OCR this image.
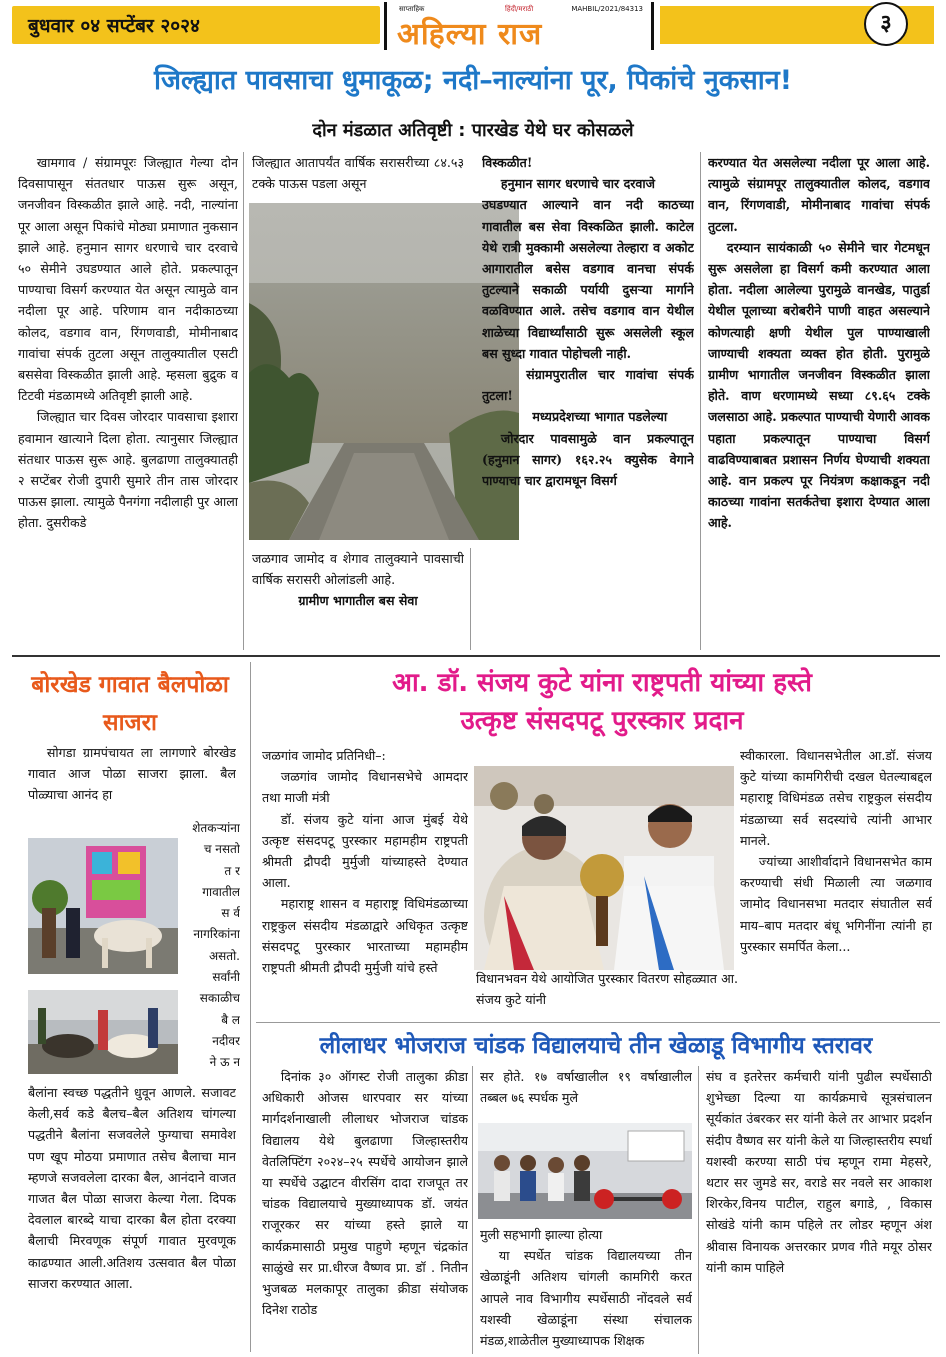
बुधवार ०४ सप्टेंबर २०२४
साप्ताहिक	हिंदी/मराठी	MAHBIL/2021/84313
अहिल्या राज	३
जिल्ह्यात पावसाचा धुमाकूळ; नदी–नाल्यांना पूर, पिकांचे नुकसान!
दोन मंडळात अतिवृष्टी : पारखेड येथे घर कोसळले

खामगाव / संग्रामपूरः जिल्ह्यात गेल्या दोन दिवसापासून संततधार पाऊस सुरू असून, जनजीवन विस्कळीत झाले आहे. नदी, नाल्यांना पूर आला असून पिकांचे मोठ्या प्रमाणात नुकसान झाले आहे. हनुमान सागर धरणाचे चार दरवाचे ५० सेमीने उघडण्यात आले होते. प्रकल्पातून पाण्याचा विसर्ग करण्यात येत असून त्यामुळे वान नदीला पूर आहे. परिणाम वान नदीकाठच्या कोलद, वडगाव वान, रिंगणवाडी, मोमीनाबाद गावांचा संपर्क तुटला असून तालुक्यातील एसटी बससेवा विस्कळीत झाली आहे. म्हसला बुद्रुक व टिटवी मंडळामध्ये अतिवृष्टी झाली आहे.

जिल्ह्यात चार दिवस जोरदार पावसाचा इशारा हवामान खात्याने दिला होता. त्यानुसार जिल्ह्यात संतधार पाऊस सुरू आहे. बुलढाणा तालुक्यातही २ सप्टेंबर रोजी दुपारी सुमारे तीन तास जोरदार पाऊस झाला. त्यामुळे पैनगंगा नदीलाही पुर आला होता. दुसरीकडे

जिल्ह्यात आतापर्यंत वार्षिक सरासरीच्या ८४.५३ टक्के पाऊस पडला असून

जळगाव जामोद व शेगाव तालुक्याने पावसाची वार्षिक सरासरी ओलांडली आहे.

ग्रामीण भागातील बस सेवा

विस्कळीत!

हनुमान सागर धरणाचे चार दरवाजे

उघडण्यात आल्याने वान नदी काठच्या गावातील बस सेवा विस्कळित झाली. काटेल येथे रात्री मुक्कामी असलेल्या तेल्हारा व अकोट आगारातील बसेस वडगाव वानचा संपर्क तुटल्याने सकाळी पर्यायी दुसऱ्या मार्गाने वळविण्यात आले. तसेच वडगाव वान येथील शाळेच्या विद्यार्थ्यांसाठी सुरू असलेली स्कूल बस सुध्दा गावात पोहोचली नाही.

संग्रामपुरातील चार गावांचा संपर्क तुटला!

मध्यप्रदेशच्या भागात पडलेल्या

जोरदार पावसामुळे वान प्रकल्पातून (हनुमान सागर) १६२.२५ क्युसेक वेगाने पाण्याचा चार द्वारामधून विसर्ग

करण्यात येत असलेल्या नदीला पूर आला आहे. त्यामुळे संग्रामपूर तालुक्यातील कोलद, वडगाव वान, रिंगणवाडी, मोमीनाबाद गावांचा संपर्क तुटला.

दरम्यान सायंकाळी ५० सेमीने चार गेटमधून सुरू असलेला हा विसर्ग कमी करण्यात आला होता. नदीला आलेल्या पुरामुळे वानखेड, पातुर्डा येथील पूलाच्या बरोबरीने पाणी वाहत असल्याने कोणत्याही क्षणी येथील पुल पाण्याखाली जाण्याची शक्यता व्यक्त होत होती. पुरामुळे ग्रामीण भागातील जनजीवन विस्कळीत झाला होते. वाण धरणामध्ये सध्या ८९.६५ टक्के जलसाठा आहे. प्रकल्पात पाण्याची येणारी आवक पहाता प्रकल्पातून पाण्याचा विसर्ग वाढविण्याबाबत प्रशासन निर्णय घेण्याची शक्यता आहे. वान प्रकल्प पूर नियंत्रण कक्षाकडून नदी काठच्या गावांना सतर्कतेचा इशारा देण्यात आला आहे.

बोरखेड गावात बैलपोळा साजरा

सोगडा ग्रामपंचायत ला लागणारे बोरखेड गावात आज पोळा साजरा झाला. बैल पोळ्याचा आनंद हा

शेतकऱ्यांना
च नसतो
त र
गावातील
स र्व
नागरिकांना
असतो.
सर्वांनी
सकाळीच
बै ल
नदीवर
ने ऊ न

बैलांना स्वच्छ पद्धतीने धुवून आणले. सजावट केली,सर्व कडे बैलच–बैल अतिशय चांगल्या पद्धतीने बैलांना सजवलेले फुग्याचा समावेश पण खूप मोठया प्रमाणात तसेच बैलाचा मान म्हणजे सजवलेला दारका बैल, आनंदाने वाजत गाजत बैल पोळा साजरा केल्या गेला. दिपक देवलाल बारब्दे याचा दारका बैल होता दरक्या बैलाची मिरवणूक संपूर्ण गावात मुरवणूक काढण्यात आली.अतिशय उत्सवात बैल पोळा साजरा करण्यात आला.

आ. डॉ. संजय कुटे यांना राष्ट्रपती यांच्या हस्ते
उत्कृष्ट संसदपटू पुरस्कार प्रदान

जळगांव जामोद प्रतिनिधी–:

जळगांव जामोद विधानसभेचे आमदार तथा माजी मंत्री

डॉ. संजय कुटे यांना आज मुंबई येथे उत्कृष्ट संसदपटू पुरस्कार महामहीम राष्ट्रपती श्रीमती द्रौपदी मुर्मुजी यांच्याहस्ते देण्यात आला.

महाराष्ट्र शासन व महाराष्ट्र विधिमंडळाच्या राष्ट्रकुल संसदीय मंडळाद्वारे अधिकृत उत्कृष्ट संसदपटू पुरस्कार भारताच्या महामहीम राष्ट्रपती श्रीमती द्रौपदी मुर्मुजी यांचे हस्ते

विधानभवन येथे आयोजित पुरस्कार वितरण सोहळ्यात आ. संजय कुटे यांनी

स्वीकारला. विधानसभेतील आ.डॉ. संजय कुटे यांच्या कामगिरीची दखल घेतल्याबद्दल महाराष्ट्र विधिमंडळ तसेच राष्ट्रकुल संसदीय मंडळाच्या सर्व सदस्यांचे त्यांनी आभार मानले.

ज्यांच्या आशीर्वादाने विधानसभेत काम करण्याची संधी मिळाली त्या जळगाव जामोद विधानसभा मतदार संघातील सर्व माय–बाप मतदार बंधू भगिनींना त्यांनी हा पुरस्कार समर्पित केला...

लीलाधर भोजराज चांडक विद्यालयाचे तीन खेळाडू विभागीय स्तरावर

दिनांक ३० ऑगस्ट रोजी तालुका क्रीडा अधिकारी ओजस धारपवार सर यांच्या मार्गदर्शनाखाली लीलाधर भोजराज चांडक विद्यालय येथे बुलढाणा जिल्हास्तरीय वेतलिफ्टिंग २०२४–२५ स्पर्धेचे आयोजन झाले या स्पर्धेचे उद्घाटन वीरसिंग दादा राजपूत तर चांडक विद्यालयाचे मुख्याध्यापक डॉ. जयंत राजूरकर सर यांच्या हस्ते झाले या कार्यक्रमासाठी प्रमुख पाहुणे म्हणून चंद्रकांत साळुंखे सर प्रा.धीरज वैष्णव प्रा. डॉ . नितीन भुजबळ मलकापूर तालुका क्रीडा संयोजक दिनेश राठोड

सर होते. १७ वर्षाखालील १९ वर्षाखालील तब्बल ७६ स्पर्धक मुले

मुली सहभागी झाल्या होत्या

या स्पर्धेत चांडक विद्यालयच्या तीन खेळाडूंनी अतिशय चांगली कामगिरी करत आपले नाव विभागीय स्पर्धेसाठी नोंदवले सर्व यशस्वी खेळाडूंना संस्था संचालक मंडळ,शाळेतील मुख्याध्यापक शिक्षक

संघ व इतरेत्तर कर्मचारी यांनी पुढील स्पर्धेसाठी शुभेच्छा दिल्या या कार्यक्रमाचे सूत्रसंचालन सूर्यकांत उंबरकर सर यांनी केले तर आभार प्रदर्शन संदीप वैष्णव सर यांनी केले या जिल्हास्तरीय स्पर्धा यशस्वी करण्या साठी पंच म्हणून रामा मेहसरे, थटार सर जुमडे सर, वराडे सर नवले सर आकाश शिरकेर,विनय पाटील, राहुल बगाडे, , विकास सोखंडे यांनी काम पहिले तर लोडर म्हणून अंश श्रीवास विनायक अत्तरकार प्रणव गीते मयूर ठोसर यांनी काम पाहिले
